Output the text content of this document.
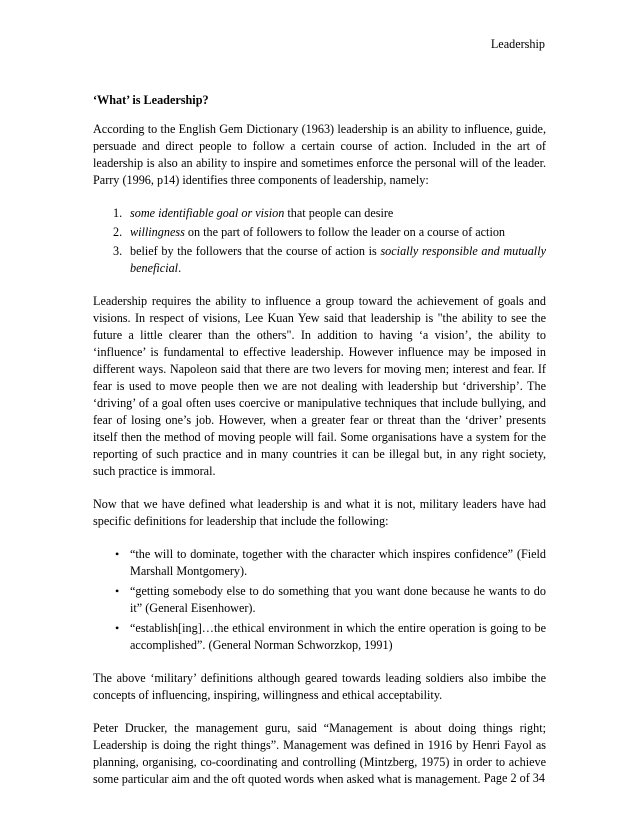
Leadership
‘What’ is Leadership?

According to the English Gem Dictionary (1963) leadership is an ability to influence, guide, persuade and direct people to follow a certain course of action. Included in the art of leadership is also an ability to inspire and sometimes enforce the personal will of the leader. Parry (1996, p14) identifies three components of leadership, namely:

1. some identifiable goal or vision that people can desire
2. willingness on the part of followers to follow the leader on a course of action
3. belief by the followers that the course of action is socially responsible and mutually beneficial.

Leadership requires the ability to influence a group toward the achievement of goals and visions. In respect of visions, Lee Kuan Yew said that leadership is "the ability to see the future a little clearer than the others". In addition to having ‘a vision’, the ability to ‘influence’ is fundamental to effective leadership. However influence may be imposed in different ways. Napoleon said that there are two levers for moving men; interest and fear. If fear is used to move people then we are not dealing with leadership but ‘drivership’. The ‘driving’ of a goal often uses coercive or manipulative techniques that include bullying, and fear of losing one’s job. However, when a greater fear or threat than the ‘driver’ presents itself then the method of moving people will fail. Some organisations have a system for the reporting of such practice and in many countries it can be illegal but, in any right society, such practice is immoral.

Now that we have defined what leadership is and what it is not, military leaders have had specific definitions for leadership that include the following:

• “the will to dominate, together with the character which inspires confidence” (Field Marshall Montgomery).
• “getting somebody else to do something that you want done because he wants to do it” (General Eisenhower).
• “establish[ing]…the ethical environment in which the entire operation is going to be accomplished”. (General Norman Schworzkop, 1991)

The above ‘military’ definitions although geared towards leading soldiers also imbibe the concepts of influencing, inspiring, willingness and ethical acceptability.

Peter Drucker, the management guru, said “Management is about doing things right; Leadership is doing the right things”. Management was defined in 1916 by Henri Fayol as planning, organising, co-coordinating and controlling (Mintzberg, 1975) in order to achieve some particular aim and the oft quoted words when asked what is management. Page 2 of 34
